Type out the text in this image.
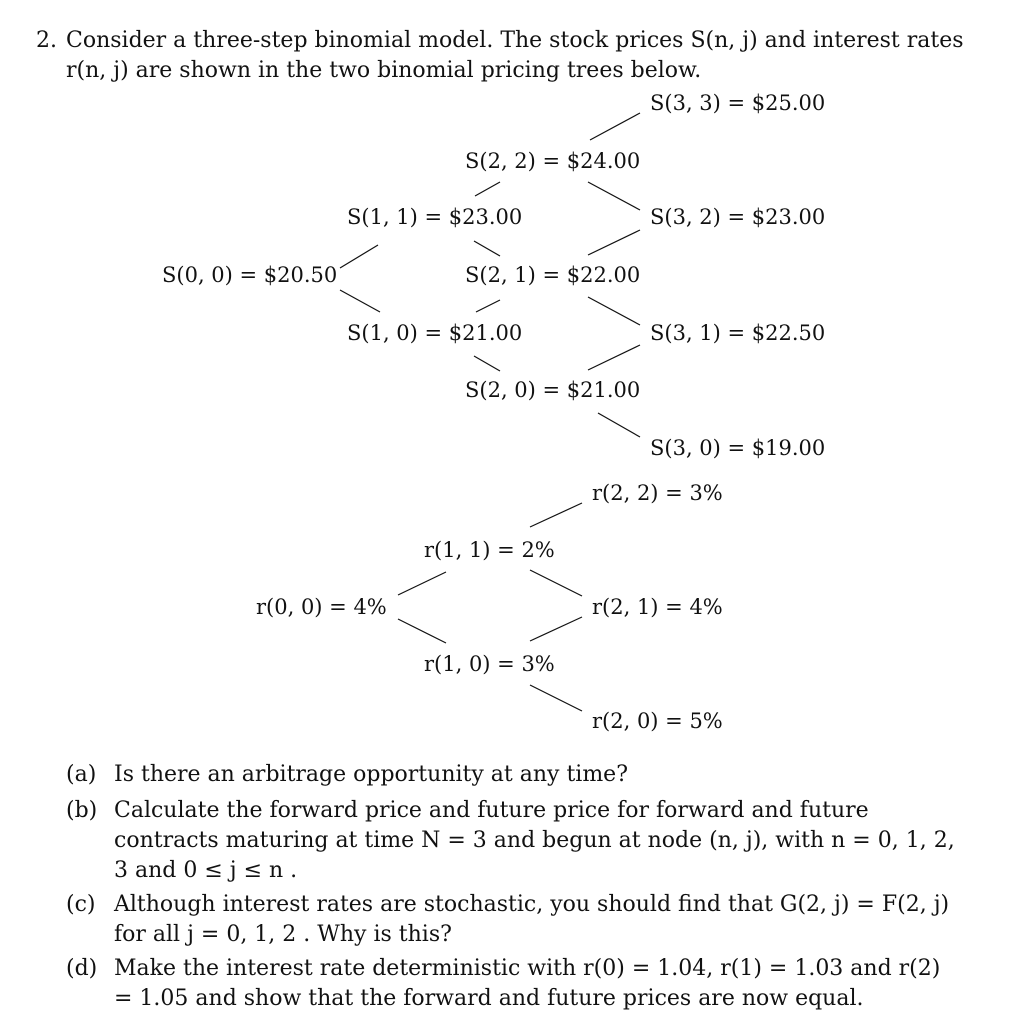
2. Consider a three-step binomial model. The stock prices S(n, j) and interest rates
r(n, j) are shown in the two binomial pricing trees below.
S(3, 3) = $25.00
S(2, 2) = $24.00
S(1, 1) = $23.00	S(3, 2) = $23.00
S(0, 0) = $20.50	S(2, 1) = $22.00
S(1, 0) = $21.00	S(3, 1) = $22.50
S(2, 0) = $21.00
S(3, 0) = $19.00
r(2, 2) = 3%
r(1, 1) = 2%
r(0, 0) = 4%	r(2, 1) = 4%
r(1, 0) = 3%
r(2, 0) = 5%
(a) Is there an arbitrage opportunity at any time?
(b) Calculate the forward price and future price for forward and future contracts maturing at time N = 3 and begun at node (n, j), with n = 0, 1, 2, 3 and 0 ≤ j ≤ n .
(c) Although interest rates are stochastic, you should find that G(2, j) = F(2, j) for all j = 0, 1, 2 . Why is this?
(d) Make the interest rate deterministic with r(0) = 1.04, r(1) = 1.03 and r(2) = 1.05 and show that the forward and future prices are now equal.
